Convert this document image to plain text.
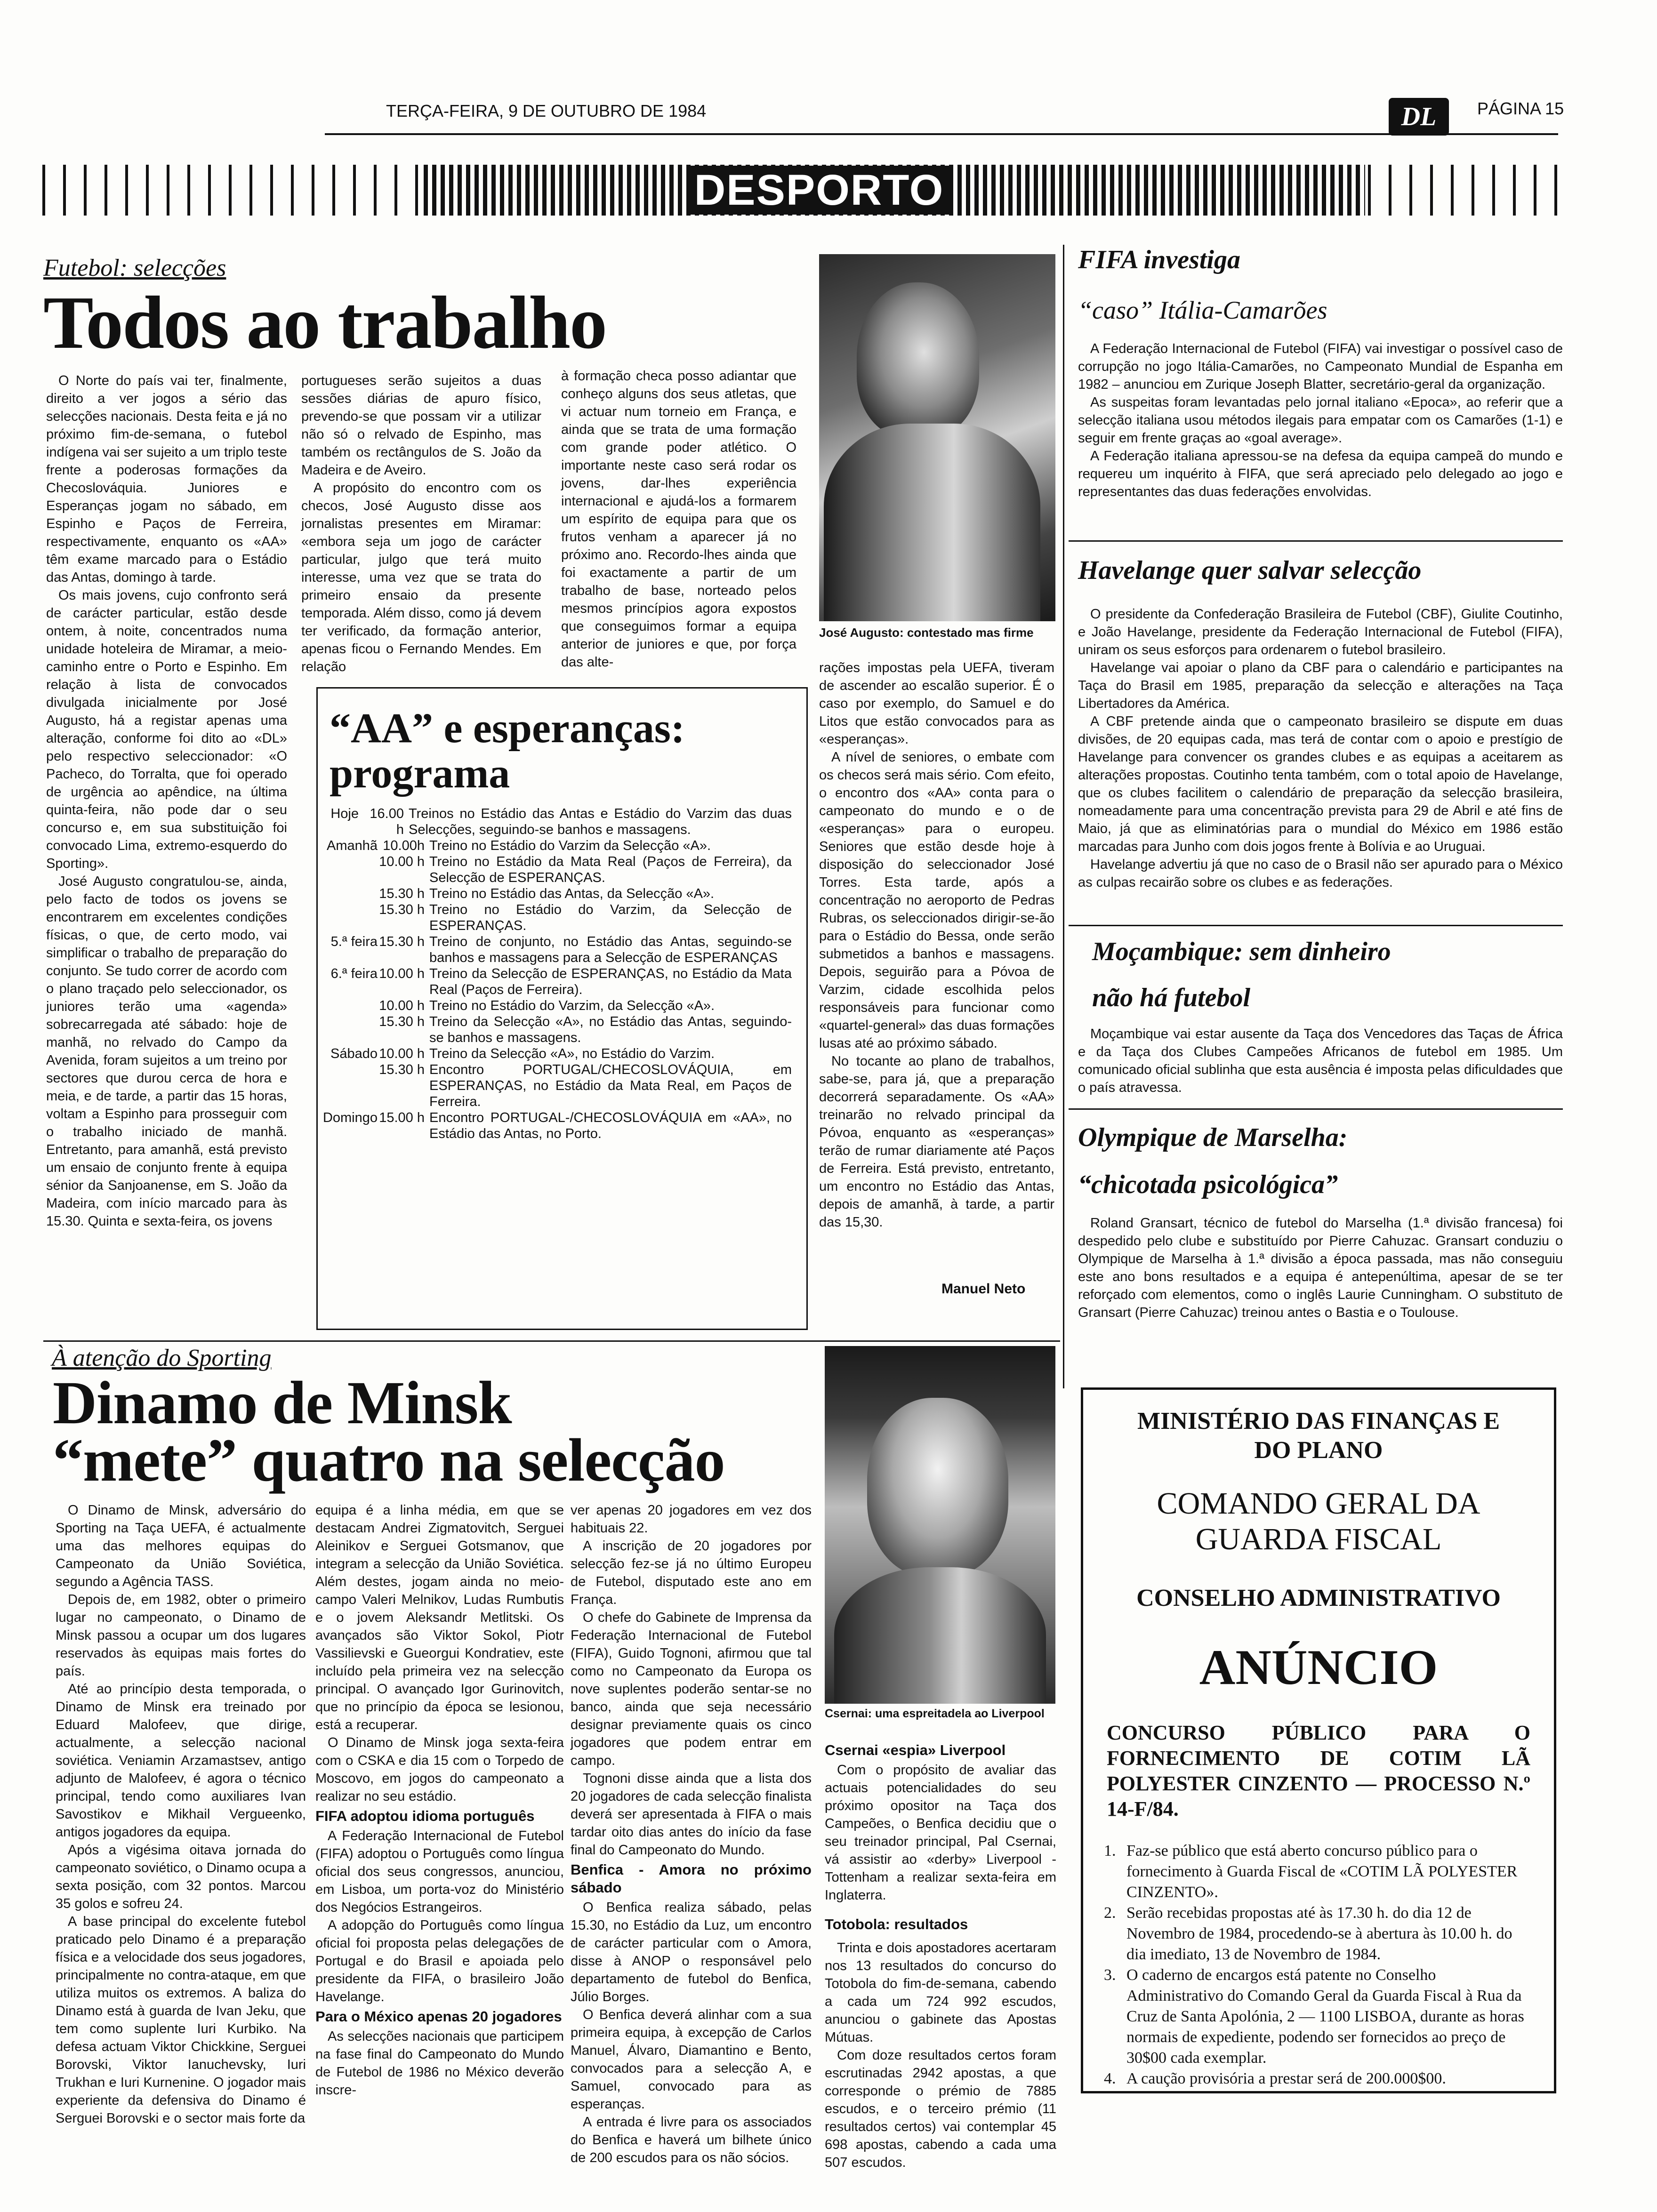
TERÇA-FEIRA, 9 DE OUTUBRO DE 1984	DL PÁGINA 15
DESPORTO
Futebol: selecções
Todos ao trabalho

O Norte do país vai ter, finalmente, direito a ver jogos a sério das selecções nacionais. Desta feita e já no próximo fim-de-semana, o futebol indígena vai ser sujeito a um triplo teste frente a poderosas formações da Checoslováquia. Juniores e Esperanças jogam no sábado, em Espinho e Paços de Ferreira, respectivamente, enquanto os «AA» têm exame marcado para o Estádio das Antas, domingo à tarde.

Os mais jovens, cujo confronto será de carácter particular, estão desde ontem, à noite, concentrados numa unidade hoteleira de Miramar, a meio-caminho entre o Porto e Espinho. Em relação à lista de convocados divulgada inicialmente por José Augusto, há a registar apenas uma alteração, conforme foi dito ao «DL» pelo respectivo seleccionador: «O Pacheco, do Torralta, que foi operado de urgência ao apêndice, na última quinta-feira, não pode dar o seu concurso e, em sua substituição foi convocado Lima, extremo-esquerdo do Sporting».

José Augusto congratulou-se, ainda, pelo facto de todos os jovens se encontrarem em excelentes condições físicas, o que, de certo modo, vai simplificar o trabalho de preparação do conjunto. Se tudo correr de acordo com o plano traçado pelo seleccionador, os juniores terão uma «agenda» sobrecarregada até sábado: hoje de manhã, no relvado do Campo da Avenida, foram sujeitos a um treino por sectores que durou cerca de hora e meia, e de tarde, a partir das 15 horas, voltam a Espinho para prosseguir com o trabalho iniciado de manhã. Entretanto, para amanhã, está previsto um ensaio de conjunto frente à equipa sénior da Sanjoanense, em S. João da Madeira, com início marcado para às 15.30. Quinta e sexta-feira, os jovens

portugueses serão sujeitos a duas sessões diárias de apuro físico, prevendo-se que possam vir a utilizar não só o relvado de Espinho, mas também os rectângulos de S. João da Madeira e de Aveiro.

A propósito do encontro com os checos, José Augusto disse aos jornalistas presentes em Miramar: «embora seja um jogo de carácter particular, julgo que terá muito interesse, uma vez que se trata do primeiro ensaio da presente temporada. Além disso, como já devem ter verificado, da formação anterior, apenas ficou o Fernando Mendes. Em relação

à formação checa posso adiantar que conheço alguns dos seus atletas, que vi actuar num torneio em França, e ainda que se trata de uma formação com grande poder atlético. O importante neste caso será rodar os jovens, dar-lhes experiência internacional e ajudá-los a formarem um espírito de equipa para que os frutos venham a aparecer já no próximo ano. Recordo-lhes ainda que foi exactamente a partir de um trabalho de base, norteado pelos mesmos princípios agora expostos que conseguimos formar a equipa anterior de juniores e que, por força das alte-

José Augusto: contestado mas firme

rações impostas pela UEFA, tiveram de ascender ao escalão superior. É o caso por exemplo, do Samuel e do Litos que estão convocados para as «esperanças».

A nível de seniores, o embate com os checos será mais sério. Com efeito, o encontro dos «AA» conta para o campeonato do mundo e o de «esperanças» para o europeu. Seniores que estão desde hoje à disposição do seleccionador José Torres. Esta tarde, após a concentração no aeroporto de Pedras Rubras, os seleccionados dirigir-se-ão para o Estádio do Bessa, onde serão submetidos a banhos e massagens. Depois, seguirão para a Póvoa de Varzim, cidade escolhida pelos responsáveis para funcionar como «quartel-general» das duas formações lusas até ao próximo sábado.

No tocante ao plano de trabalhos, sabe-se, para já, que a preparação decorrerá separadamente. Os «AA» treinarão no relvado principal da Póvoa, enquanto as «esperanças» terão de rumar diariamente até Paços de Ferreira. Está previsto, entretanto, um encontro no Estádio das Antas, depois de amanhã, à tarde, a partir das 15,30.

Manuel Neto
“AA” e esperanças:
programa
Hoje 16.00 h
Treinos no Estádio das Antas e Estádio do Varzim das duas Selecções, seguindo-se banhos e massagens.
Amanhã 10.00h Treino no Estádio do Varzim da Selecção «A».
10.00 h Treino no Estádio da Mata Real (Paços de Ferreira), da Selecção de ESPERANÇAS.
15.30 h Treino no Estádio das Antas, da Selecção «A».
15.30 h Treino no Estádio do Varzim, da Selecção de ESPERANÇAS.
5.ª feira 15.30 h Treino de conjunto, no Estádio das Antas, seguindo-se banhos e massagens para a Selecção de ESPERANÇAS
6.ª feira 10.00 h Treino da Selecção de ESPERANÇAS, no Estádio da Mata Real (Paços de Ferreira).
10.00 h Treino no Estádio do Varzim, da Selecção «A».
15.30 h Treino da Selecção «A», no Estádio das Antas, seguindo-se banhos e massagens.
Sábado 10.00 h Treino da Selecção «A», no Estádio do Varzim.
15.30 h Encontro PORTUGAL/CHECOSLOVÁQUIA, em ESPERANÇAS, no Estádio da Mata Real, em Paços de Ferreira.
Domingo 15.00 h Encontro PORTUGAL-/CHECOSLOVÁQUIA em «AA», no Estádio das Antas, no Porto.
FIFA investiga
“caso” Itália-Camarões

A Federação Internacional de Futebol (FIFA) vai investigar o possível caso de corrupção no jogo Itália-Camarões, no Campeonato Mundial de Espanha em 1982 – anunciou em Zurique Joseph Blatter, secretário-geral da organização.

As suspeitas foram levantadas pelo jornal italiano «Epoca», ao referir que a selecção italiana usou métodos ilegais para empatar com os Camarões (1-1) e seguir em frente graças ao «goal average».

A Federação italiana apressou-se na defesa da equipa campeã do mundo e requereu um inquérito à FIFA, que será apreciado pelo delegado ao jogo e representantes das duas federações envolvidas.

Havelange quer salvar selecção

O presidente da Confederação Brasileira de Futebol (CBF), Giulite Coutinho, e João Havelange, presidente da Federação Internacional de Futebol (FIFA), uniram os seus esforços para ordenarem o futebol brasileiro.

Havelange vai apoiar o plano da CBF para o calendário e participantes na Taça do Brasil em 1985, preparação da selecção e alterações na Taça Libertadores da América.

A CBF pretende ainda que o campeonato brasileiro se dispute em duas divisões, de 20 equipas cada, mas terá de contar com o apoio e prestígio de Havelange para convencer os grandes clubes e as equipas a aceitarem as alterações propostas. Coutinho tenta também, com o total apoio de Havelange, que os clubes facilitem o calendário de preparação da selecção brasileira, nomeadamente para uma concentração prevista para 29 de Abril e até fins de Maio, já que as eliminatórias para o mundial do México em 1986 estão marcadas para Junho com dois jogos frente à Bolívia e ao Uruguai.

Havelange advertiu já que no caso de o Brasil não ser apurado para o México as culpas recairão sobre os clubes e as federações.

Moçambique: sem dinheiro
não há futebol

Moçambique vai estar ausente da Taça dos Vencedores das Taças de África e da Taça dos Clubes Campeões Africanos de futebol em 1985. Um comunicado oficial sublinha que esta ausência é imposta pelas dificuldades que o país atravessa.

Olympique de Marselha:
“chicotada psicológica”

Roland Gransart, técnico de futebol do Marselha (1.ª divisão francesa) foi despedido pelo clube e substituído por Pierre Cahuzac. Gransart conduziu o Olympique de Marselha à 1.ª divisão a época passada, mas não conseguiu este ano bons resultados e a equipa é antepenúltima, apesar de se ter reforçado com elementos, como o inglês Laurie Cunningham. O substituto de Gransart (Pierre Cahuzac) treinou antes o Bastia e o Toulouse.

À atenção do Sporting
Dinamo de Minsk
“mete” quatro na selecção

O Dinamo de Minsk, adversário do Sporting na Taça UEFA, é actualmente uma das melhores equipas do Campeonato da União Soviética, segundo a Agência TASS.

Depois de, em 1982, obter o primeiro lugar no campeonato, o Dinamo de Minsk passou a ocupar um dos lugares reservados às equipas mais fortes do país.

Até ao princípio desta temporada, o Dinamo de Minsk era treinado por Eduard Malofeev, que dirige, actualmente, a selecção nacional soviética. Veniamin Arzamastsev, antigo adjunto de Malofeev, é agora o técnico principal, tendo como auxiliares Ivan Savostikov e Mikhail Vergueenko, antigos jogadores da equipa.

Após a vigésima oitava jornada do campeonato soviético, o Dinamo ocupa a sexta posição, com 32 pontos. Marcou 35 golos e sofreu 24.

A base principal do excelente futebol praticado pelo Dinamo é a preparação física e a velocidade dos seus jogadores, principalmente no contra-ataque, em que utiliza muitos os extremos. A baliza do Dinamo está à guarda de Ivan Jeku, que tem como suplente Iuri Kurbiko. Na defesa actuam Viktor Chickkine, Serguei Borovski, Viktor Ianuchevsky, Iuri Trukhan e Iuri Kurnenine. O jogador mais experiente da defensiva do Dinamo é Serguei Borovski e o sector mais forte da

equipa é a linha média, em que se destacam Andrei Zigmatovitch, Serguei Aleinikov e Serguei Gotsmanov, que integram a selecção da União Soviética. Além destes, jogam ainda no meio-campo Valeri Melnikov, Ludas Rumbutis e o jovem Aleksandr Metlitski. Os avançados são Viktor Sokol, Piotr Vassilievski e Gueorgui Kondratiev, este incluído pela primeira vez na selecção principal. O avançado Igor Gurinovitch, que no princípio da época se lesionou, está a recuperar.

O Dinamo de Minsk joga sexta-feira com o CSKA e dia 15 com o Torpedo de Moscovo, em jogos do campeonato a realizar no seu estádio.

FIFA adoptou idioma português

A Federação Internacional de Futebol (FIFA) adoptou o Português como língua oficial dos seus congressos, anunciou, em Lisboa, um porta-voz do Ministério dos Negócios Estrangeiros.

A adopção do Português como língua oficial foi proposta pelas delegações de Portugal e do Brasil e apoiada pelo presidente da FIFA, o brasileiro João Havelange.

Para o México apenas 20 jogadores

As selecções nacionais que participem na fase final do Campeonato do Mundo de Futebol de 1986 no México deverão inscre-

ver apenas 20 jogadores em vez dos habituais 22.

A inscrição de 20 jogadores por selecção fez-se já no último Europeu de Futebol, disputado este ano em França.

O chefe do Gabinete de Imprensa da Federação Internacional de Futebol (FIFA), Guido Tognoni, afirmou que tal como no Campeonato da Europa os nove suplentes poderão sentar-se no banco, ainda que seja necessário designar previamente quais os cinco jogadores que podem entrar em campo.

Tognoni disse ainda que a lista dos 20 jogadores de cada selecção finalista deverá ser apresentada à FIFA o mais tardar oito dias antes do início da fase final do Campeonato do Mundo.

Benfica - Amora no próximo sábado

O Benfica realiza sábado, pelas 15.30, no Estádio da Luz, um encontro de carácter particular com o Amora, disse à ANOP o responsável pelo departamento de futebol do Benfica, Júlio Borges.

O Benfica deverá alinhar com a sua primeira equipa, à excepção de Carlos Manuel, Álvaro, Diamantino e Bento, convocados para a selecção A, e Samuel, convocado para as esperanças.

A entrada é livre para os associados do Benfica e haverá um bilhete único de 200 escudos para os não sócios.

Csernai: uma espreitadela ao Liverpool
Csernai «espia» Liverpool

Com o propósito de avaliar das actuais potencialidades do seu próximo opositor na Taça dos Campeões, o Benfica decidiu que o seu treinador principal, Pal Csernai, vá assistir ao «derby» Liverpool - Tottenham a realizar sexta-feira em Inglaterra.

Totobola: resultados

Trinta e dois apostadores acertaram nos 13 resultados do concurso do Totobola do fim-de-semana, cabendo a cada um 724 992 escudos, anunciou o gabinete das Apostas Mútuas.

Com doze resultados certos foram escrutinadas 2942 apostas, a que corresponde o prémio de 7885 escudos, e o terceiro prémio (11 resultados certos) vai contemplar 45 698 apostas, cabendo a cada uma 507 escudos.

MINISTÉRIO DAS FINANÇAS E
DO PLANO
COMANDO GERAL DA
GUARDA FISCAL
CONSELHO ADMINISTRATIVO
ANÚNCIO
CONCURSO PÚBLICO PARA O FORNECIMENTO DE COTIM LÃ POLYESTER CINZENTO — PROCESSO N.º 14-F/84.
1. Faz-se público que está aberto concurso público para o fornecimento à Guarda Fiscal de «COTIM LÃ POLYESTER CINZENTO».
2. Serão recebidas propostas até às 17.30 h. do dia 12 de Novembro de 1984, procedendo-se à abertura às 10.00 h. do dia imediato, 13 de Novembro de 1984.
3. O caderno de encargos está patente no Conselho Administrativo do Comando Geral da Guarda Fiscal à Rua da Cruz de Santa Apolónia, 2 — 1100 LISBOA, durante as horas normais de expediente, podendo ser fornecidos ao preço de 30$00 cada exemplar.
4. A caução provisória a prestar será de 200.000$00.
